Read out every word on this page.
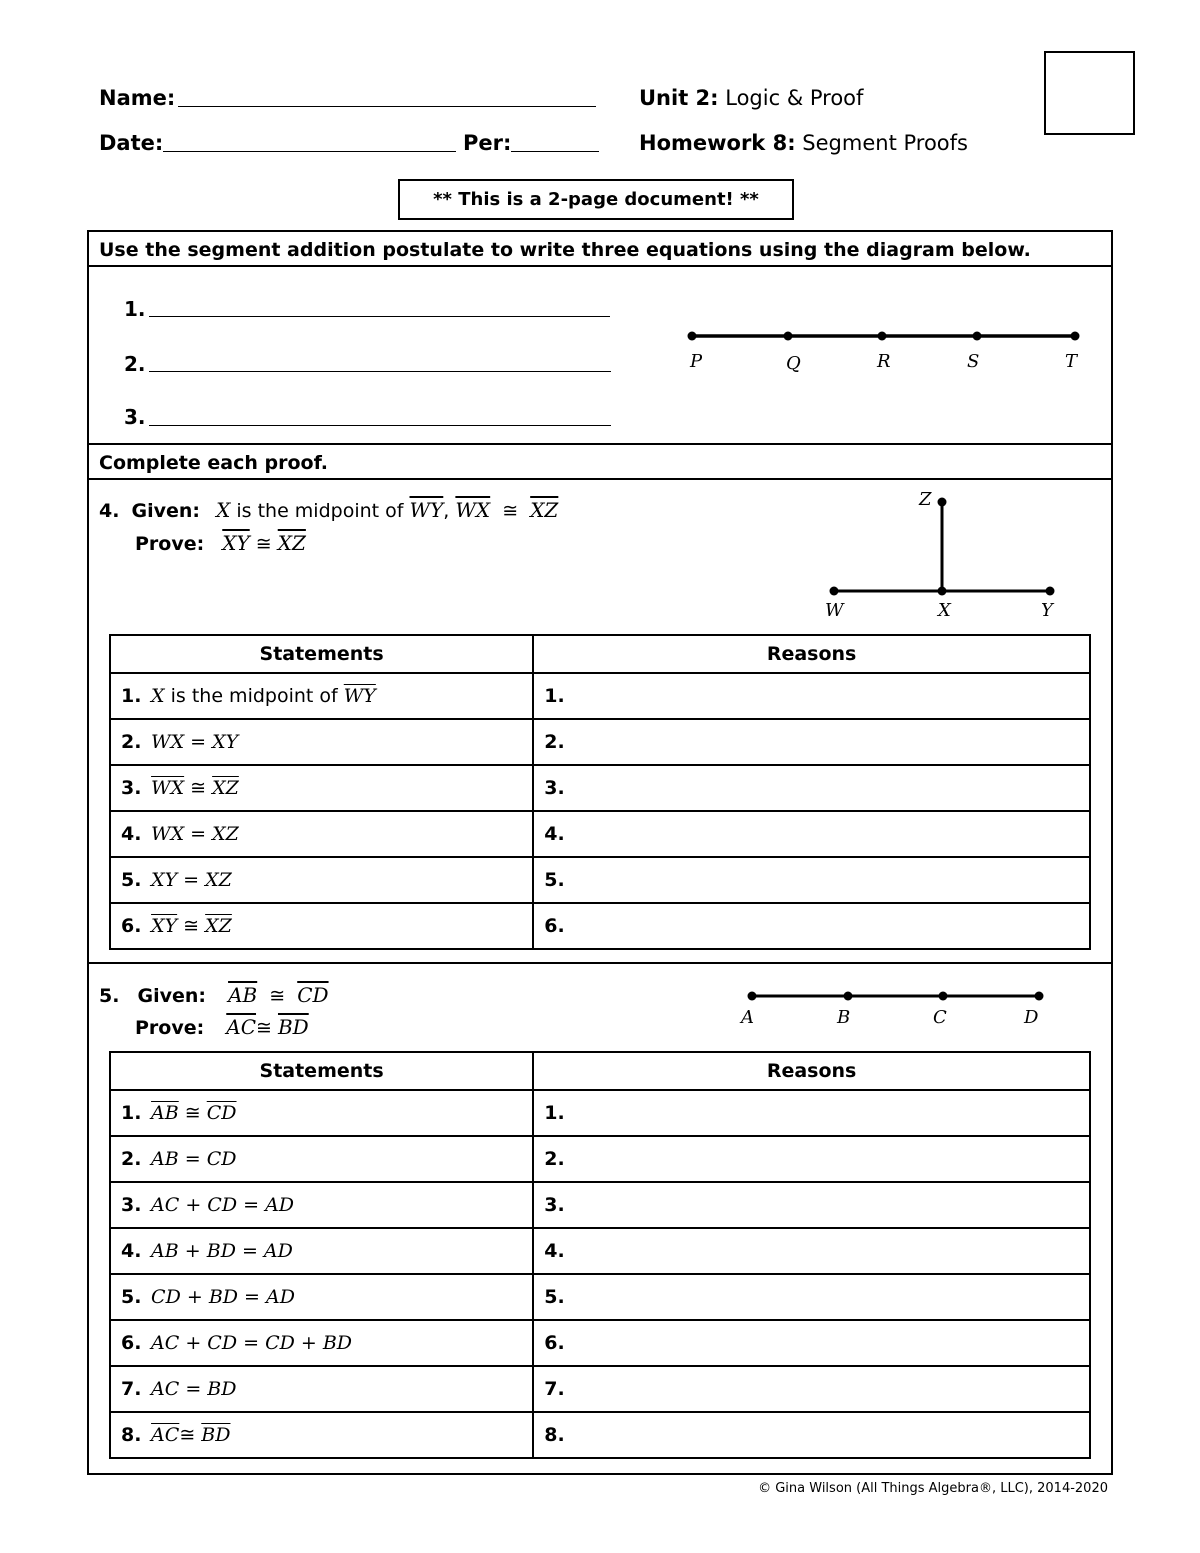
Name:
Date:	Per:
Unit 2: Logic & Proof
Homework 8: Segment Proofs
** This is a 2-page document! **
Use the segment addition postulate to write three equations using the diagram below.
1.
2.
3.
P	Q	R	S	T
Complete each proof.
4. Given: X is the midpoint of $\overline{WY}$, $\overline{WX}$ ≅ $\overline{XZ}$
Prove: $\overline{XY}$ ≅ $\overline{XZ}$
Z
W	X	Y
Statements	Reasons
1. X is the midpoint of $\overline{WY}$	1.
2. WX = XY	2.
3. $\overline{WX}$ ≅ $\overline{XZ}$	3.
4. WX = XZ	4.
5. XY = XZ	5.
6. $\overline{XY}$ ≅ $\overline{XZ}$	6.
5. Given: $\overline{AB}$ ≅ $\overline{CD}$
Prove: $\overline{AC}≅$ $\overline{BD}$	A	B	C	D
Statements	Reasons
1. $\overline{AB}$ ≅ $\overline{CD}$	1.
2. AB = CD	2.
3. AC + CD = AD	3.
4. AB + BD = AD	4.
5. CD + BD = AD	5.
6. AC + CD = CD + BD	6.
7. AC = BD	7.
8. $\overline{AC}≅$ $\overline{BD}$	8.
© Gina Wilson (All Things Algebra®, LLC), 2014-2020
